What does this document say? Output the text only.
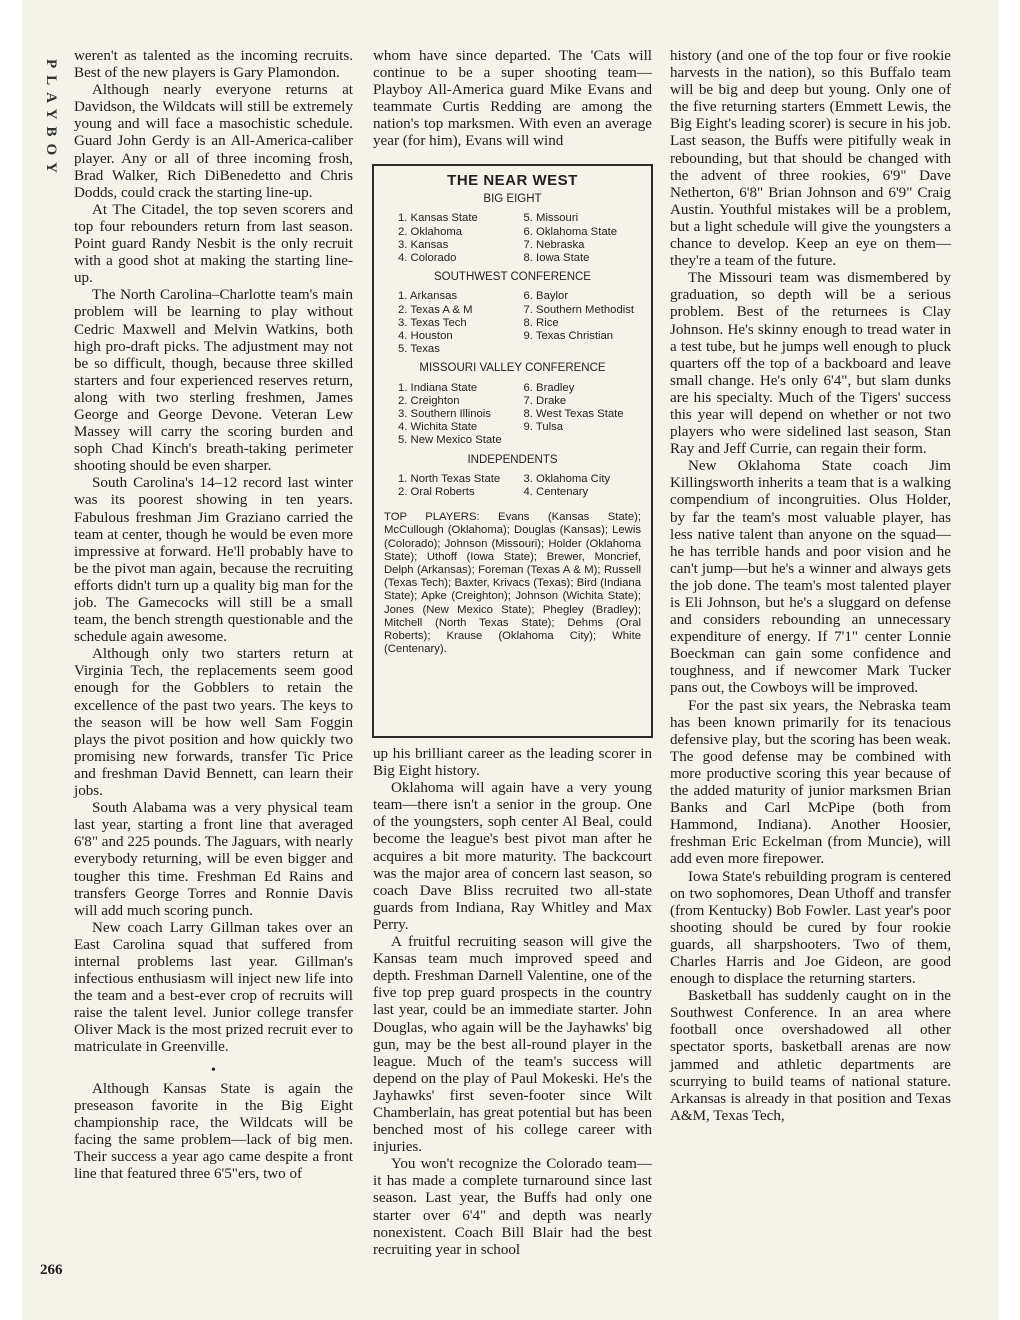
PLAYBOY

weren't as talented as the incoming recruits. Best of the new players is Gary Plamondon.

Although nearly everyone returns at Davidson, the Wildcats will still be extremely young and will face a masochistic schedule. Guard John Gerdy is an All-America-caliber player. Any or all of three incoming frosh, Brad Walker, Rich DiBenedetto and Chris Dodds, could crack the starting line-up.

At The Citadel, the top seven scorers and top four rebounders return from last season. Point guard Randy Nesbit is the only recruit with a good shot at making the starting line-up.

The North Carolina–Charlotte team's main problem will be learning to play without Cedric Maxwell and Melvin Watkins, both high pro-draft picks. The adjustment may not be so difficult, though, because three skilled starters and four experienced reserves return, along with two sterling freshmen, James George and George Devone. Veteran Lew Massey will carry the scoring burden and soph Chad Kinch's breath-taking perimeter shooting should be even sharper.

South Carolina's 14–12 record last winter was its poorest showing in ten years. Fabulous freshman Jim Graziano carried the team at center, though he would be even more impressive at forward. He'll probably have to be the pivot man again, because the recruiting efforts didn't turn up a quality big man for the job. The Gamecocks will still be a small team, the bench strength questionable and the schedule again awesome.

Although only two starters return at Virginia Tech, the replacements seem good enough for the Gobblers to retain the excellence of the past two years. The keys to the season will be how well Sam Foggin plays the pivot position and how quickly two promising new forwards, transfer Tic Price and freshman David Bennett, can learn their jobs.

South Alabama was a very physical team last year, starting a front line that averaged 6'8" and 225 pounds. The Jaguars, with nearly everybody returning, will be even bigger and tougher this time. Freshman Ed Rains and transfers George Torres and Ronnie Davis will add much scoring punch.

New coach Larry Gillman takes over an East Carolina squad that suffered from internal problems last year. Gillman's infectious enthusiasm will inject new life into the team and a best-ever crop of recruits will raise the talent level. Junior college transfer Oliver Mack is the most prized recruit ever to matriculate in Greenville.

•

Although Kansas State is again the preseason favorite in the Big Eight championship race, the Wildcats will be facing the same problem—lack of big men. Their success a year ago came despite a front line that featured three 6'5"ers, two of

whom have since departed. The 'Cats will continue to be a super shooting team—Playboy All-America guard Mike Evans and teammate Curtis Redding are among the nation's top marksmen. With even an average year (for him), Evans will wind

THE NEAR WEST
BIG EIGHT
1. Kansas State	5. Missouri
2. Oklahoma	6. Oklahoma State
3. Kansas	7. Nebraska
4. Colorado	8. Iowa State
SOUTHWEST CONFERENCE
1. Arkansas	6. Baylor
2. Texas A & M	7. Southern Methodist
3. Texas Tech	8. Rice
4. Houston	9. Texas Christian
5. Texas
MISSOURI VALLEY CONFERENCE
1. Indiana State	6. Bradley
2. Creighton	7. Drake
3. Southern Illinois	8. West Texas State
4. Wichita State	9. Tulsa
5. New Mexico State
INDEPENDENTS
1. North Texas State	3. Oklahoma City
2. Oral Roberts	4. Centenary
TOP PLAYERS: Evans (Kansas State); McCullough (Oklahoma); Douglas (Kansas); Lewis (Colorado); Johnson (Missouri); Holder (Oklahoma State); Uthoff (Iowa State); Brewer, Moncrief, Delph (Arkansas); Foreman (Texas A & M); Russell (Texas Tech); Baxter, Krivacs (Texas); Bird (Indiana State); Apke (Creighton); Johnson (Wichita State); Jones (New Mexico State); Phegley (Bradley); Mitchell (North Texas State); Dehms (Oral Roberts); Krause (Oklahoma City); White (Centenary).

up his brilliant career as the leading scorer in Big Eight history.

Oklahoma will again have a very young team—there isn't a senior in the group. One of the youngsters, soph center Al Beal, could become the league's best pivot man after he acquires a bit more maturity. The backcourt was the major area of concern last season, so coach Dave Bliss recruited two all-state guards from Indiana, Ray Whitley and Max Perry.

A fruitful recruiting season will give the Kansas team much improved speed and depth. Freshman Darnell Valentine, one of the five top prep guard prospects in the country last year, could be an immediate starter. John Douglas, who again will be the Jayhawks' big gun, may be the best all-round player in the league. Much of the team's success will depend on the play of Paul Mokeski. He's the Jayhawks' first seven-footer since Wilt Chamberlain, has great potential but has been benched most of his college career with injuries.

You won't recognize the Colorado team—it has made a complete turnaround since last season. Last year, the Buffs had only one starter over 6'4" and depth was nearly nonexistent. Coach Bill Blair had the best recruiting year in school

history (and one of the top four or five rookie harvests in the nation), so this Buffalo team will be big and deep but young. Only one of the five returning starters (Emmett Lewis, the Big Eight's leading scorer) is secure in his job. Last season, the Buffs were pitifully weak in rebounding, but that should be changed with the advent of three rookies, 6'9" Dave Netherton, 6'8" Brian Johnson and 6'9" Craig Austin. Youthful mistakes will be a problem, but a light schedule will give the youngsters a chance to develop. Keep an eye on them—they're a team of the future.

The Missouri team was dismembered by graduation, so depth will be a serious problem. Best of the returnees is Clay Johnson. He's skinny enough to tread water in a test tube, but he jumps well enough to pluck quarters off the top of a backboard and leave small change. He's only 6'4", but slam dunks are his specialty. Much of the Tigers' success this year will depend on whether or not two players who were sidelined last season, Stan Ray and Jeff Currie, can regain their form.

New Oklahoma State coach Jim Killingsworth inherits a team that is a walking compendium of incongruities. Olus Holder, by far the team's most valuable player, has less native talent than anyone on the squad—he has terrible hands and poor vision and he can't jump—but he's a winner and always gets the job done. The team's most talented player is Eli Johnson, but he's a sluggard on defense and considers rebounding an unnecessary expenditure of energy. If 7'1" center Lonnie Boeckman can gain some confidence and toughness, and if newcomer Mark Tucker pans out, the Cowboys will be improved.

For the past six years, the Nebraska team has been known primarily for its tenacious defensive play, but the scoring has been weak. The good defense may be combined with more productive scoring this year because of the added maturity of junior marksmen Brian Banks and Carl McPipe (both from Hammond, Indiana). Another Hoosier, freshman Eric Eckelman (from Muncie), will add even more firepower.

Iowa State's rebuilding program is centered on two sophomores, Dean Uthoff and transfer (from Kentucky) Bob Fowler. Last year's poor shooting should be cured by four rookie guards, all sharpshooters. Two of them, Charles Harris and Joe Gideon, are good enough to displace the returning starters.

Basketball has suddenly caught on in the Southwest Conference. In an area where football once overshadowed all other spectator sports, basketball arenas are now jammed and athletic departments are scurrying to build teams of national stature. Arkansas is already in that position and Texas A&M, Texas Tech,

266
